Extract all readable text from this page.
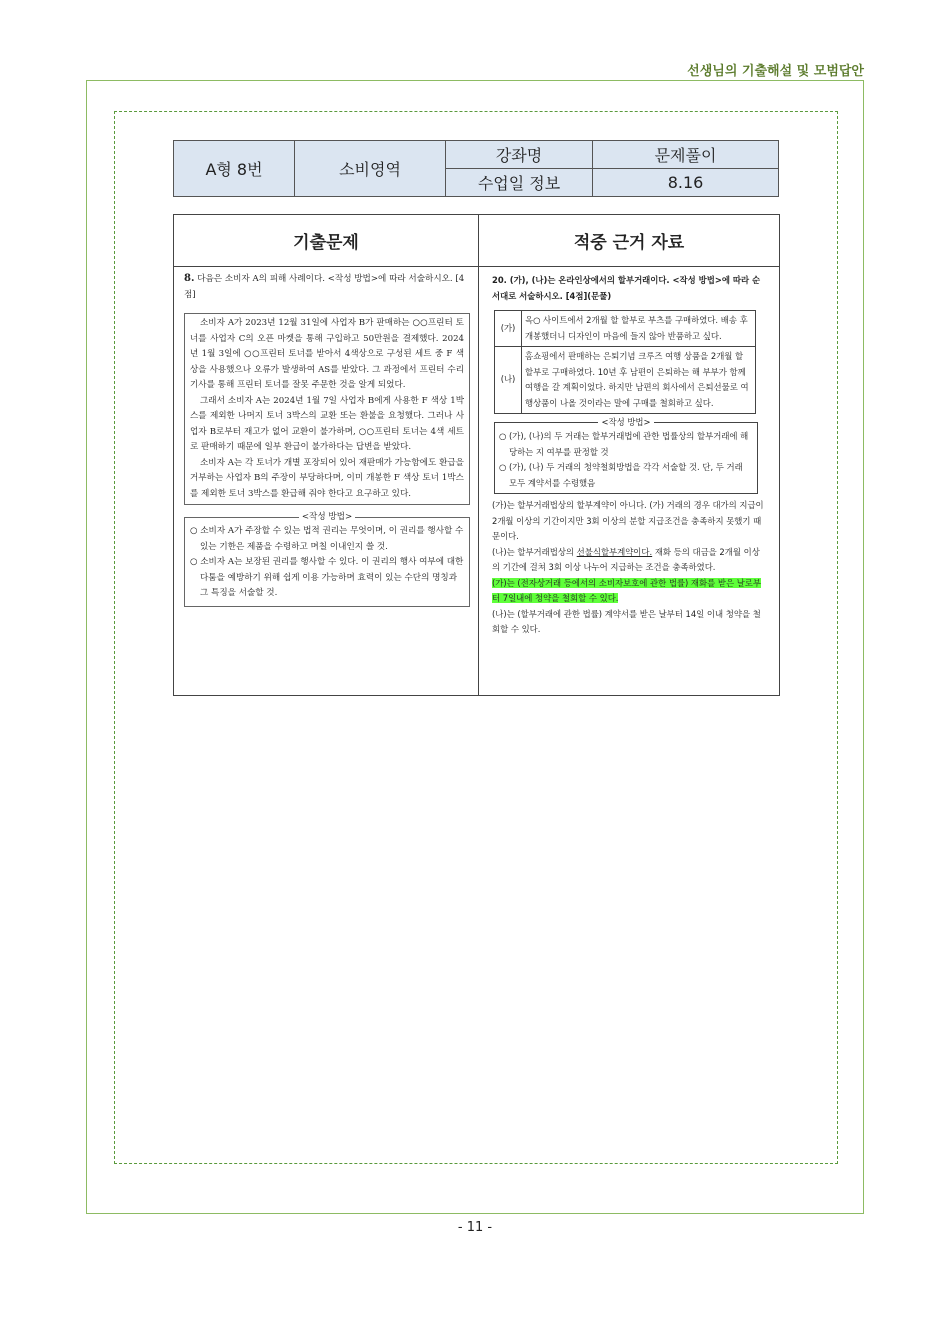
선생님의 기출해설 및 모범답안
A형 8번	소비영역	강좌명	문제풀이
		수업일 정보	8.16
기출문제	적중 근거 자료

8. 다음은 소비자 A의 피해 사례이다. <작성 방법>에 따라 서술하시오. [4점]

소비자 A가 2023년 12월 31일에 사업자 B가 판매하는 ○○프린터 토너를 사업자 C의 오픈 마켓을 통해 구입하고 50만원을 결제했다. 2024년 1월 3일에 ○○프린터 토너를 받아서 4색상으로 구성된 세트 중 F 색상을 사용했으나 오류가 발생하여 AS를 받았다. 그 과정에서 프린터 수리기사를 통해 프린터 토너를 잘못 주문한 것을 알게 되었다.

그래서 소비자 A는 2024년 1월 7일 사업자 B에게 사용한 F 색상 1박스를 제외한 나머지 토너 3박스의 교환 또는 환불을 요청했다. 그러나 사업자 B로부터 재고가 없어 교환이 불가하며, ○○프린터 토너는 4색 세트로 판매하기 때문에 일부 환급이 불가하다는 답변을 받았다.

소비자 A는 각 토너가 개별 포장되어 있어 재판매가 가능함에도 환급을 거부하는 사업자 B의 주장이 부당하다며, 이미 개봉한 F 색상 토너 1박스를 제외한 토너 3박스를 환급해 줘야 한다고 요구하고 있다.

<작성 방법>

○ 소비자 A가 주장할 수 있는 법적 권리는 무엇이며, 이 권리를 행사할 수 있는 기한은 제품을 수령하고 며칠 이내인지 쓸 것.

○ 소비자 A는 보장된 권리를 행사할 수 있다. 이 권리의 행사 여부에 대한 다툼을 예방하기 위해 쉽게 이용 가능하며 효력이 있는 수단의 명칭과 그 특징을 서술할 것.

20. (가), (나)는 온라인상에서의 할부거래이다. <작성 방법>에 따라 순서대로 서술하시오. [4점](문풀)

(가)	옥○ 사이트에서 2개월 할 할부로 부츠를 구매하였다. 배송 후 개봉했더니 디자인이 마음에 들지 않아 반품하고 싶다.
(나)	홈쇼핑에서 판매하는 은퇴기념 크루즈 여행 상품을 2개월 할 할부로 구매하였다. 10년 후 남편이 은퇴하는 해 부부가 함께 여행을 갈 계획이었다. 하지만 남편의 회사에서 은퇴선물로 여행상품이 나올 것이라는 말에 구매를 철회하고 싶다.
<작성 방법>

○ (가), (나)의 두 거래는 할부거래법에 관한 법률상의 할부거래에 해당하는 지 여부를 판정할 것

○ (가), (나) 두 거래의 청약철회방법을 각각 서술할 것. 단, 두 거래 모두 계약서를 수령했음

(가)는 할부거래법상의 할부계약이 아니다. (가) 거래의 경우 대가의 지급이 2개월 이상의 기간이지만 3회 이상의 분할 지급조건을 충족하지 못했기 때문이다.

(나)는 할부거래법상의 선불식할부계약이다. 재화 등의 대금을 2개월 이상의 기간에 걸쳐 3회 이상 나누어 지급하는 조건을 충족하였다.

(가)는 (전자상거래 등에서의 소비자보호에 관한 법률) 재화를 받은 날로부터 7일내에 청약을 철회할 수 있다.

(나)는 (할부거래에 관한 법률) 계약서를 받은 날부터 14일 이내 청약을 철회할 수 있다.

- 11 -
